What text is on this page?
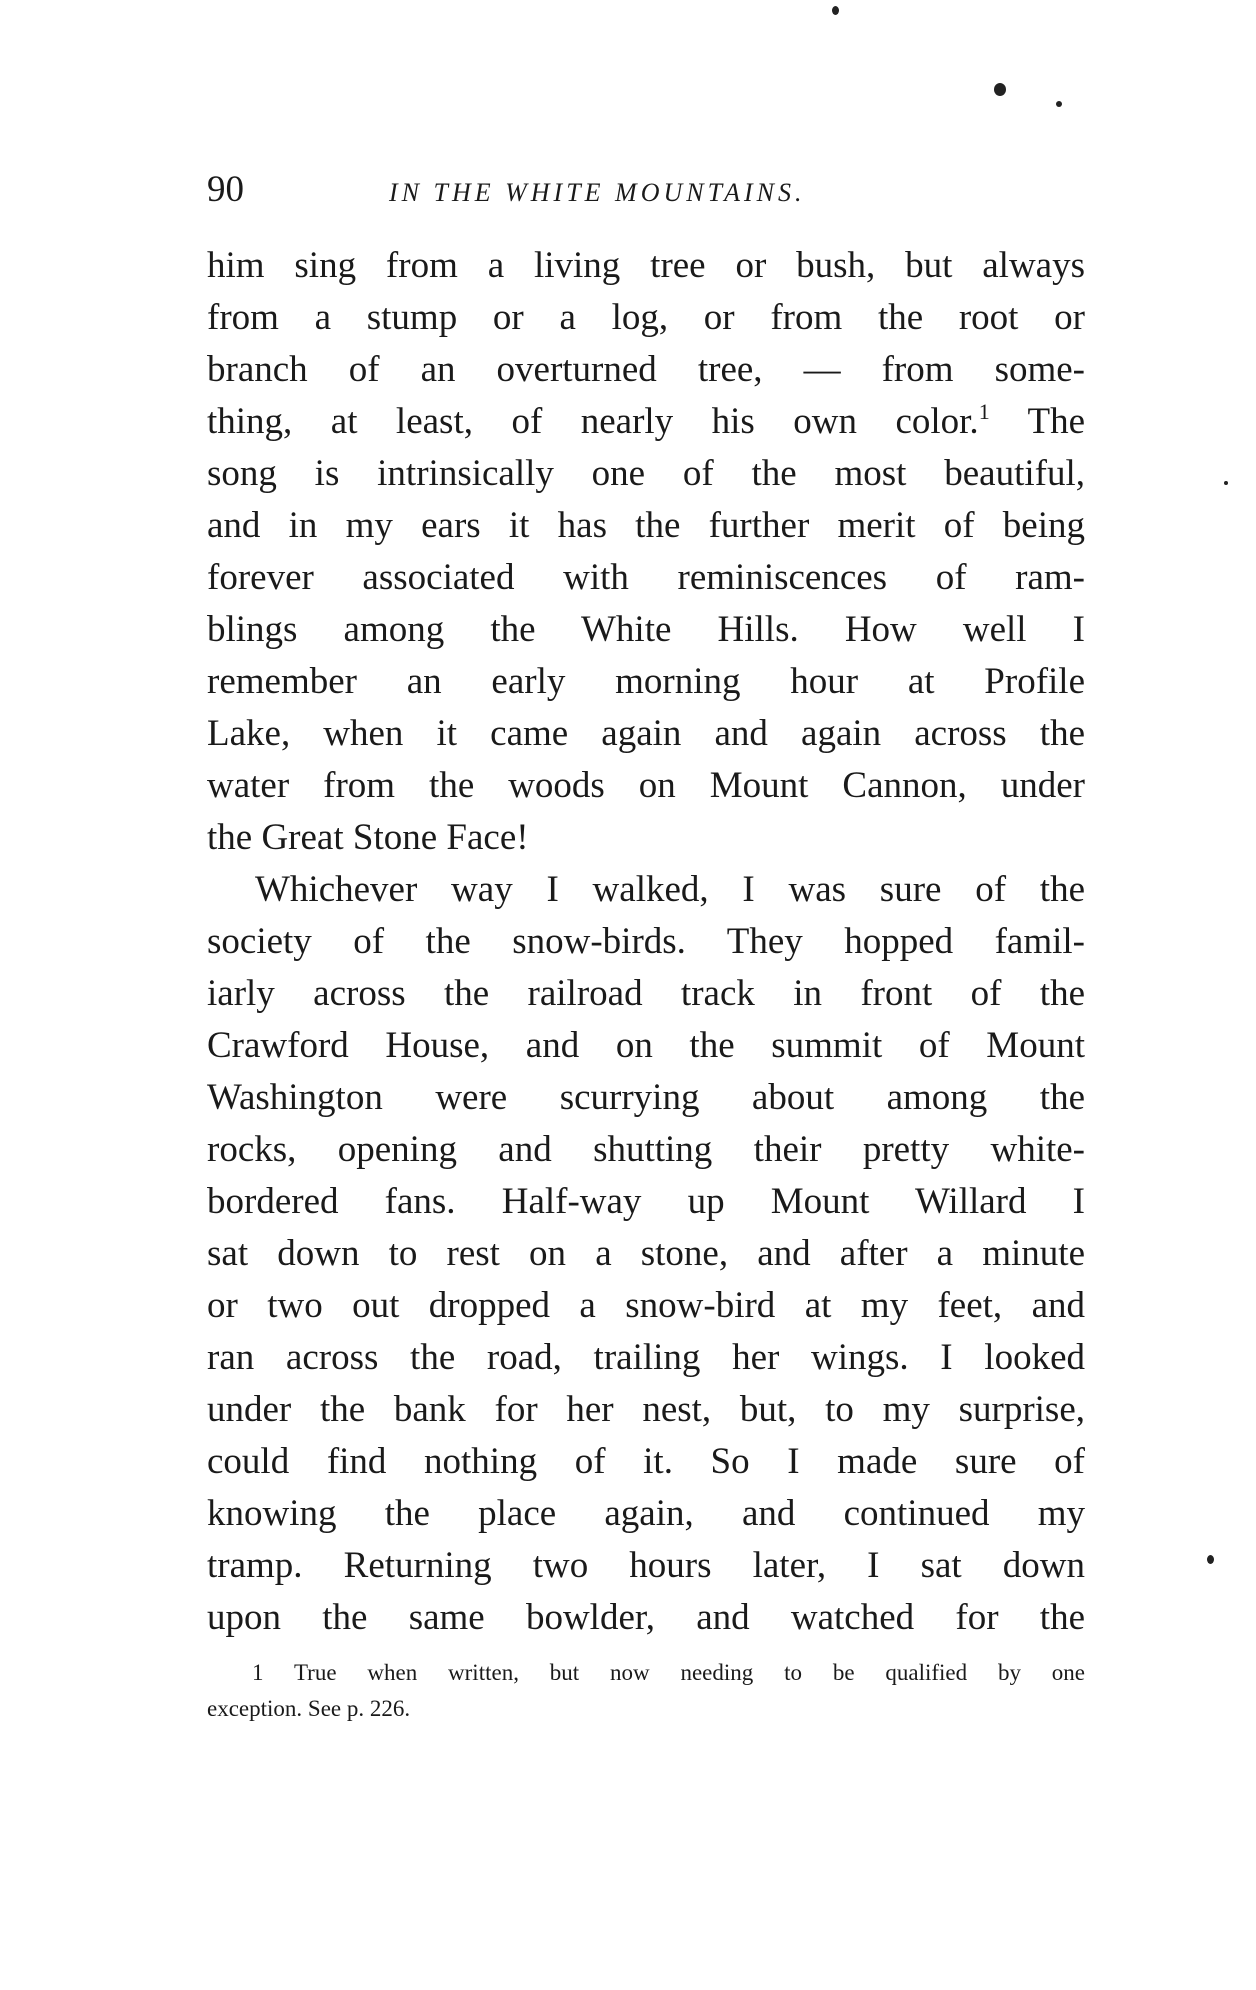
90	IN THE WHITE MOUNTAINS.
him sing from a living tree or bush, but always
from a stump or a log, or from the root or
branch of an overturned tree, — from some-
thing, at least, of nearly his own color.$^1$ The
song is intrinsically one of the most beautiful,
and in my ears it has the further merit of being
forever associated with reminiscences of ram-
blings among the White Hills. How well I
remember an early morning hour at Profile
Lake, when it came again and again across the
water from the woods on Mount Cannon, under
the Great Stone Face!
Whichever way I walked, I was sure of the
society of the snow-birds. They hopped famil-
iarly across the railroad track in front of the
Crawford House, and on the summit of Mount
Washington were scurrying about among the
rocks, opening and shutting their pretty white-
bordered fans. Half-way up Mount Willard I
sat down to rest on a stone, and after a minute
or two out dropped a snow-bird at my feet, and
ran across the road, trailing her wings. I looked
under the bank for her nest, but, to my surprise,
could find nothing of it. So I made sure of
knowing the place again, and continued my
tramp. Returning two hours later, I sat down
upon the same bowlder, and watched for the
1 True when written, but now needing to be qualified by one
exception. See p. 226.
